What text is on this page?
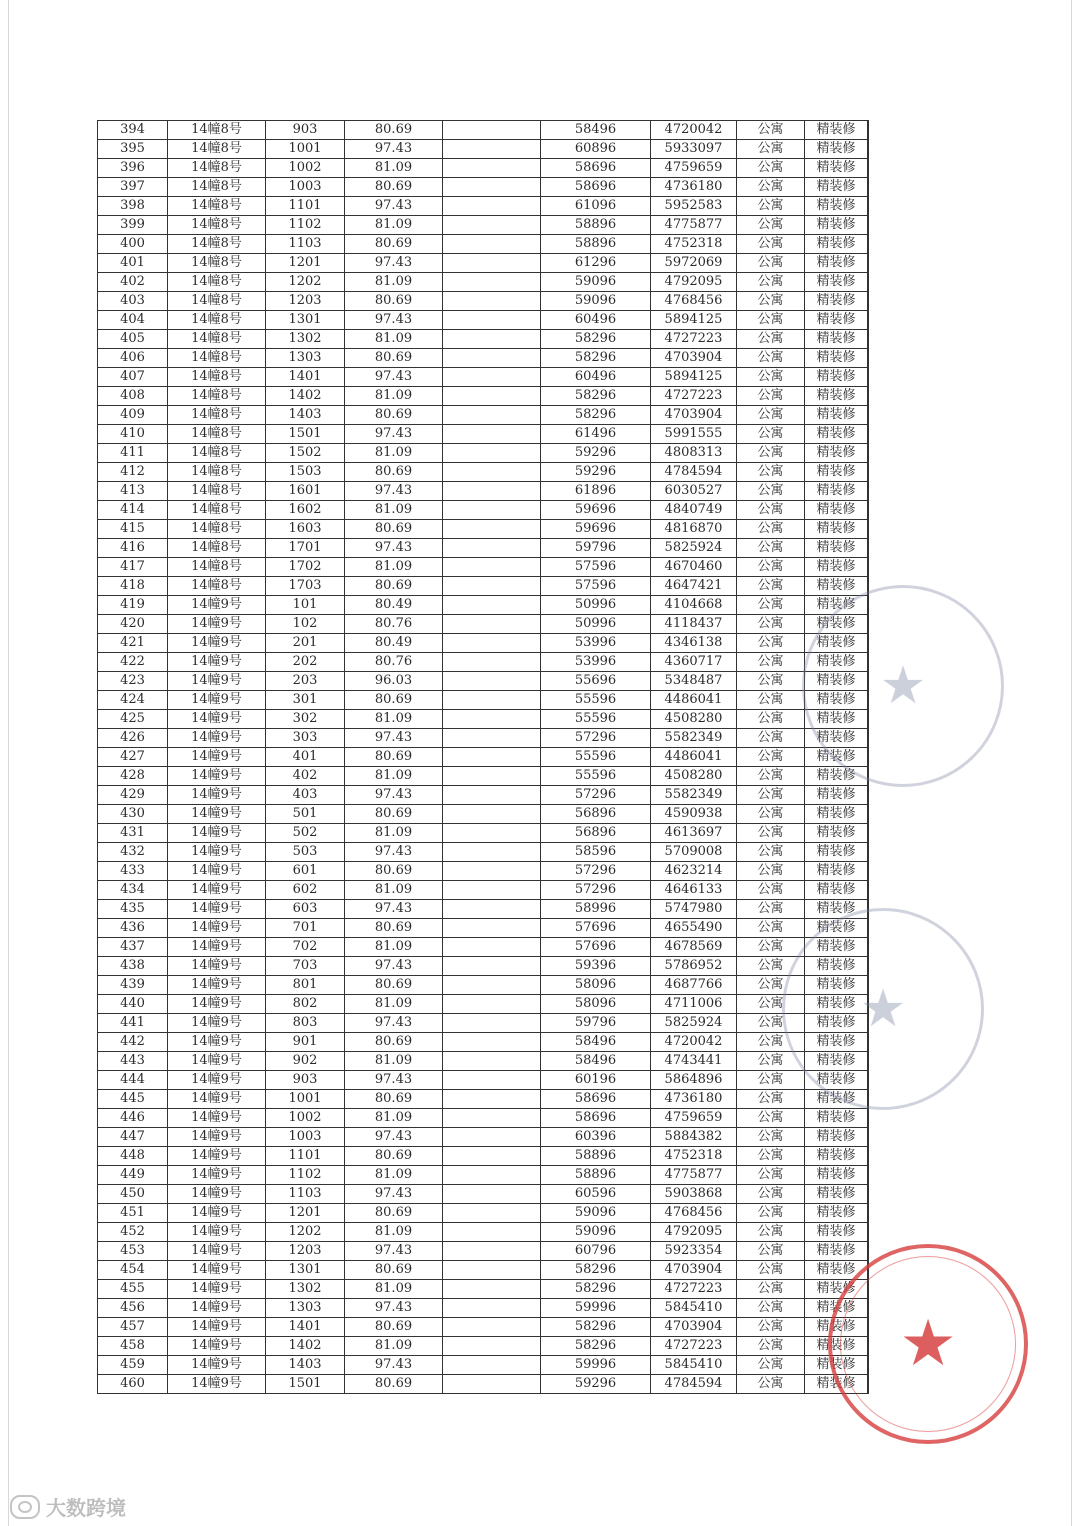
394	14幢8号	903	80.69		58496	4720042	公寓	精装修	
395	14幢8号	1001	97.43		60896	5933097	公寓	精装修	
396	14幢8号	1002	81.09		58696	4759659	公寓	精装修	
397	14幢8号	1003	80.69		58696	4736180	公寓	精装修	
398	14幢8号	1101	97.43		61096	5952583	公寓	精装修	
399	14幢8号	1102	81.09		58896	4775877	公寓	精装修	
400	14幢8号	1103	80.69		58896	4752318	公寓	精装修	
401	14幢8号	1201	97.43		61296	5972069	公寓	精装修	
402	14幢8号	1202	81.09		59096	4792095	公寓	精装修	
403	14幢8号	1203	80.69		59096	4768456	公寓	精装修	
404	14幢8号	1301	97.43		60496	5894125	公寓	精装修	
405	14幢8号	1302	81.09		58296	4727223	公寓	精装修	
406	14幢8号	1303	80.69		58296	4703904	公寓	精装修	
407	14幢8号	1401	97.43		60496	5894125	公寓	精装修	
408	14幢8号	1402	81.09		58296	4727223	公寓	精装修	
409	14幢8号	1403	80.69		58296	4703904	公寓	精装修	
410	14幢8号	1501	97.43		61496	5991555	公寓	精装修	
411	14幢8号	1502	81.09		59296	4808313	公寓	精装修	
412	14幢8号	1503	80.69		59296	4784594	公寓	精装修	
413	14幢8号	1601	97.43		61896	6030527	公寓	精装修	
414	14幢8号	1602	81.09		59696	4840749	公寓	精装修	
415	14幢8号	1603	80.69		59696	4816870	公寓	精装修	
416	14幢8号	1701	97.43		59796	5825924	公寓	精装修	
417	14幢8号	1702	81.09		57596	4670460	公寓	精装修	
418	14幢8号	1703	80.69		57596	4647421	公寓	精装修	
419	14幢9号	101	80.49		50996	4104668	公寓	精装修	
420	14幢9号	102	80.76		50996	4118437	公寓	精装修	
421	14幢9号	201	80.49		53996	4346138	公寓	精装修	
422	14幢9号	202	80.76		53996	4360717	公寓	精装修	
423	14幢9号	203	96.03		55696	5348487	公寓	精装修	
424	14幢9号	301	80.69		55596	4486041	公寓	精装修	
425	14幢9号	302	81.09		55596	4508280	公寓	精装修	
426	14幢9号	303	97.43		57296	5582349	公寓	精装修	
427	14幢9号	401	80.69		55596	4486041	公寓	精装修	
428	14幢9号	402	81.09		55596	4508280	公寓	精装修	
429	14幢9号	403	97.43		57296	5582349	公寓	精装修	
430	14幢9号	501	80.69		56896	4590938	公寓	精装修	
431	14幢9号	502	81.09		56896	4613697	公寓	精装修	
432	14幢9号	503	97.43		58596	5709008	公寓	精装修	
433	14幢9号	601	80.69		57296	4623214	公寓	精装修	
434	14幢9号	602	81.09		57296	4646133	公寓	精装修	
435	14幢9号	603	97.43		58996	5747980	公寓	精装修	
436	14幢9号	701	80.69		57696	4655490	公寓	精装修	
437	14幢9号	702	81.09		57696	4678569	公寓	精装修	
438	14幢9号	703	97.43		59396	5786952	公寓	精装修	
439	14幢9号	801	80.69		58096	4687766	公寓	精装修	
440	14幢9号	802	81.09		58096	4711006	公寓	精装修	
441	14幢9号	803	97.43		59796	5825924	公寓	精装修	
442	14幢9号	901	80.69		58496	4720042	公寓	精装修	
443	14幢9号	902	81.09		58496	4743441	公寓	精装修	
444	14幢9号	903	97.43		60196	5864896	公寓	精装修	
445	14幢9号	1001	80.69		58696	4736180	公寓	精装修	
446	14幢9号	1002	81.09		58696	4759659	公寓	精装修	
447	14幢9号	1003	97.43		60396	5884382	公寓	精装修	
448	14幢9号	1101	80.69		58896	4752318	公寓	精装修	
449	14幢9号	1102	81.09		58896	4775877	公寓	精装修	
450	14幢9号	1103	97.43		60596	5903868	公寓	精装修	
451	14幢9号	1201	80.69		59096	4768456	公寓	精装修	
452	14幢9号	1202	81.09		59096	4792095	公寓	精装修	
453	14幢9号	1203	97.43		60796	5923354	公寓	精装修	
454	14幢9号	1301	80.69		58296	4703904	公寓	精装修	
455	14幢9号	1302	81.09		58296	4727223	公寓	精装修	
456	14幢9号	1303	97.43		59996	5845410	公寓	精装修	
457	14幢9号	1401	80.69		58296	4703904	公寓	精装修	
458	14幢9号	1402	81.09		58296	4727223	公寓	精装修	
459	14幢9号	1403	97.43		59996	5845410	公寓	精装修	
460	14幢9号	1501	80.69		59296	4784594	公寓	精装修	
★
★
★
大数跨境
